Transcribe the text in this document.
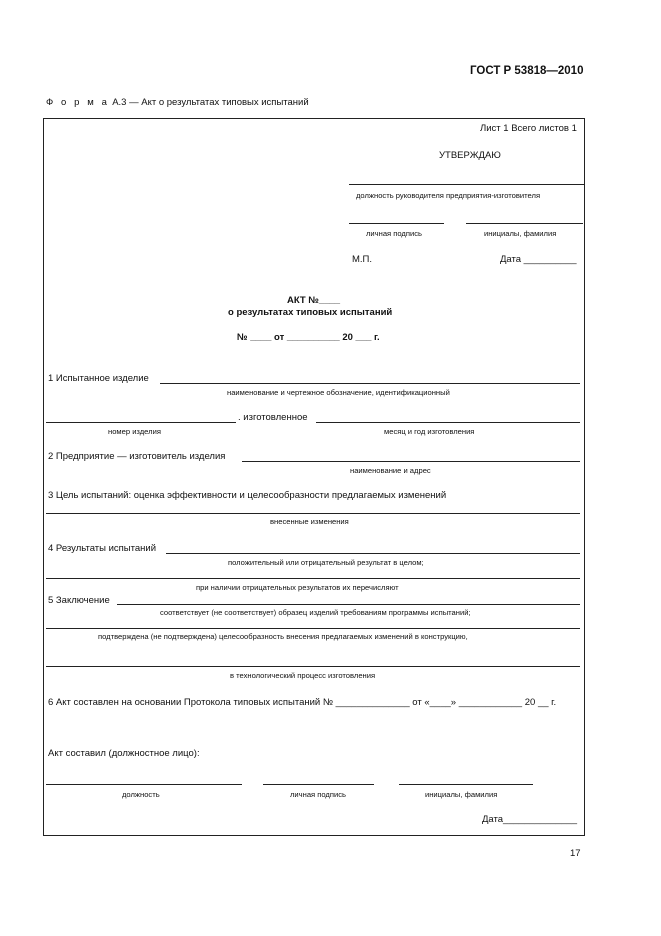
ГОСТ Р 53818—2010
Ф о р м а А.3 — Акт о результатах типовых испытаний
Лист 1 Всего листов 1
УТВЕРЖДАЮ
должность руководителя предприятия-изготовителя
личная подпись	инициалы, фамилия
М.П.	Дата __________
АКТ №____
о результатах типовых испытаний
№ ____ от __________ 20 ___ г.
1 Испытанное изделие
наименование и чертежное обозначение, идентификационный
. изготовленное
номер изделия	месяц и год изготовления
2 Предприятие — изготовитель изделия
наименование и адрес
3 Цель испытаний: оценка эффективности и целесообразности предлагаемых изменений
внесенные изменения
4 Результаты испытаний
положительный или отрицательный результат в целом;
при наличии отрицательных результатов их перечисляют
5 Заключение
соответствует (не соответствует) образец изделий требованиям программы испытаний;
подтверждена (не подтверждена) целесообразность внесения предлагаемых изменений в конструкцию,
в технологический процесс изготовления
6 Акт составлен на основании Протокола типовых испытаний № ______________ от «____» ____________ 20 __ г.
Акт составил (должностное лицо):
должность	личная подпись	инициалы, фамилия
Дата______________
17
